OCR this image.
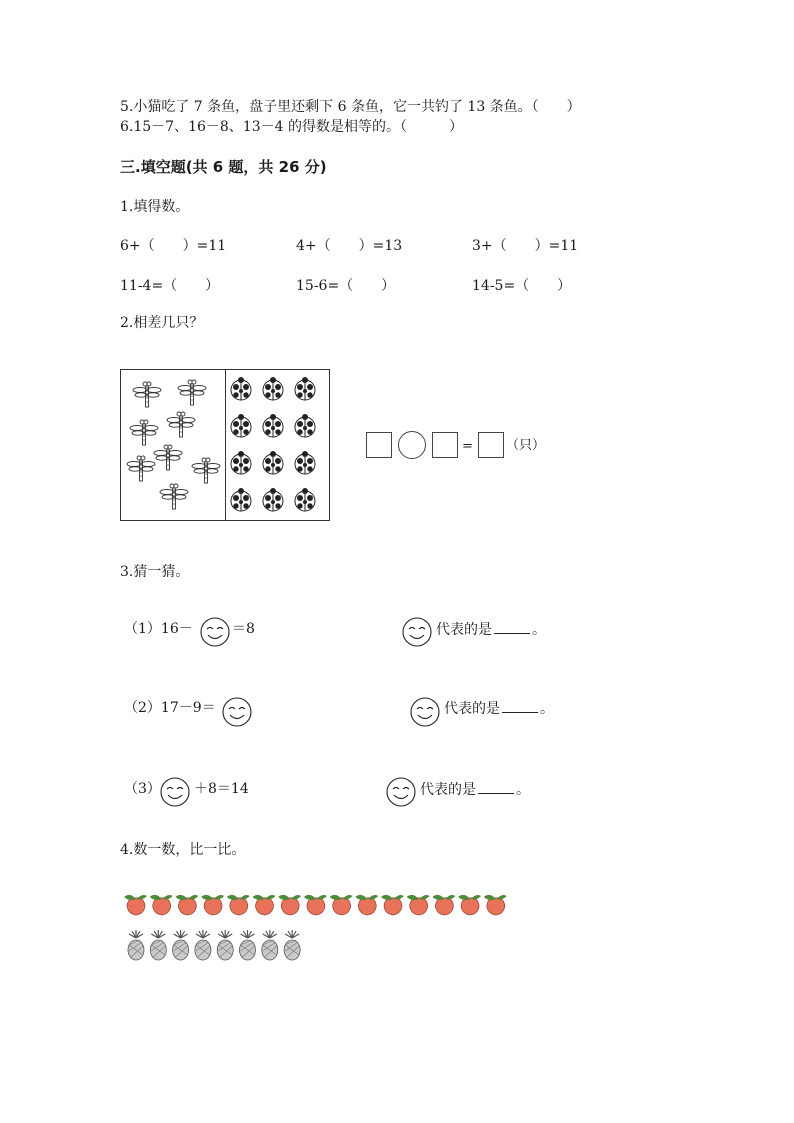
5.小猫吃了 7 条鱼，盘子里还剩下 6 条鱼，它一共钓了 13 条鱼。（　　）
6.15－7、16－8、13－4 的得数是相等的。（　　　）
三.填空题(共 6 题，共 26 分)
1.填得数。
6+（　　）=11	4+（　　）=13	3+（　　）=11
11-4=（　　）	15-6=（　　）	14-5=（　　）
2.相差几只？
=	（只）
3.猜一猜。
（1）16－	＝8	代表的是	。
（2）17－9＝	代表的是	。
（3） ＋8＝14	代表的是	。
4.数一数，比一比。
